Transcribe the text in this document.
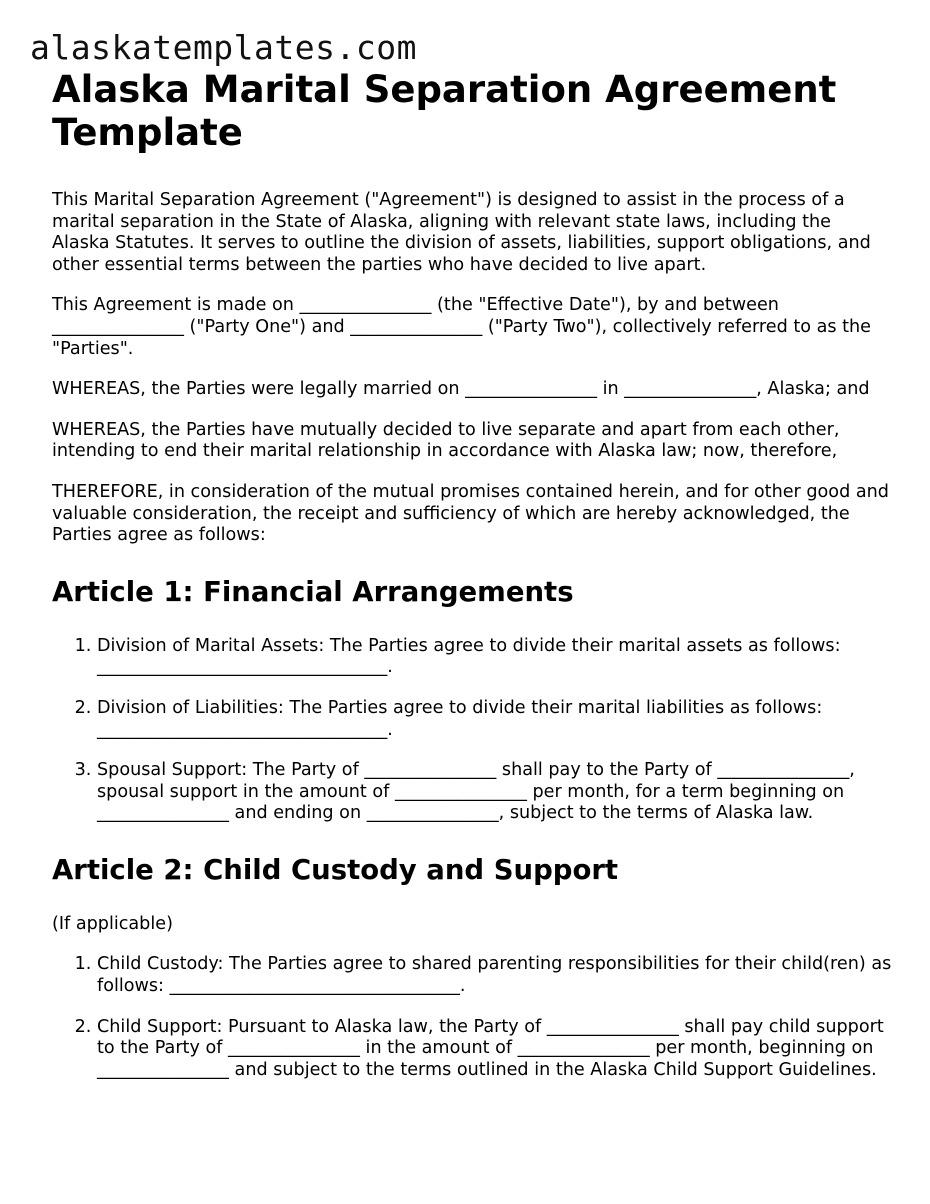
alaskatemplates.com
Alaska Marital Separation Agreement Template

This Marital Separation Agreement ("Agreement") is designed to assist in the process of a marital separation in the State of Alaska, aligning with relevant state laws, including the Alaska Statutes. It serves to outline the division of assets, liabilities, support obligations, and other essential terms between the parties who have decided to live apart.

This Agreement is made on _______________ (the "Effective Date"), by and between _______________ ("Party One") and _______________ ("Party Two"), collectively referred to as the "Parties".

WHEREAS, the Parties were legally married on _______________ in _______________, Alaska; and

WHEREAS, the Parties have mutually decided to live separate and apart from each other, intending to end their marital relationship in accordance with Alaska law; now, therefore,

THEREFORE, in consideration of the mutual promises contained herein, and for other good and valuable consideration, the receipt and sufficiency of which are hereby acknowledged, the Parties agree as follows:

Article 1: Financial Arrangements
1. Division of Marital Assets: The Parties agree to divide their marital assets as follows: _________________________________.
2. Division of Liabilities: The Parties agree to divide their marital liabilities as follows: _________________________________.
3. Spousal Support: The Party of _______________ shall pay to the Party of _______________, spousal support in the amount of _______________ per month, for a term beginning on _______________ and ending on _______________, subject to the terms of Alaska law.
Article 2: Child Custody and Support

(If applicable)

1. Child Custody: The Parties agree to shared parenting responsibilities for their child(ren) as follows: _________________________________.
2. Child Support: Pursuant to Alaska law, the Party of _______________ shall pay child support to the Party of _______________ in the amount of _______________ per month, beginning on _______________ and subject to the terms outlined in the Alaska Child Support Guidelines.
